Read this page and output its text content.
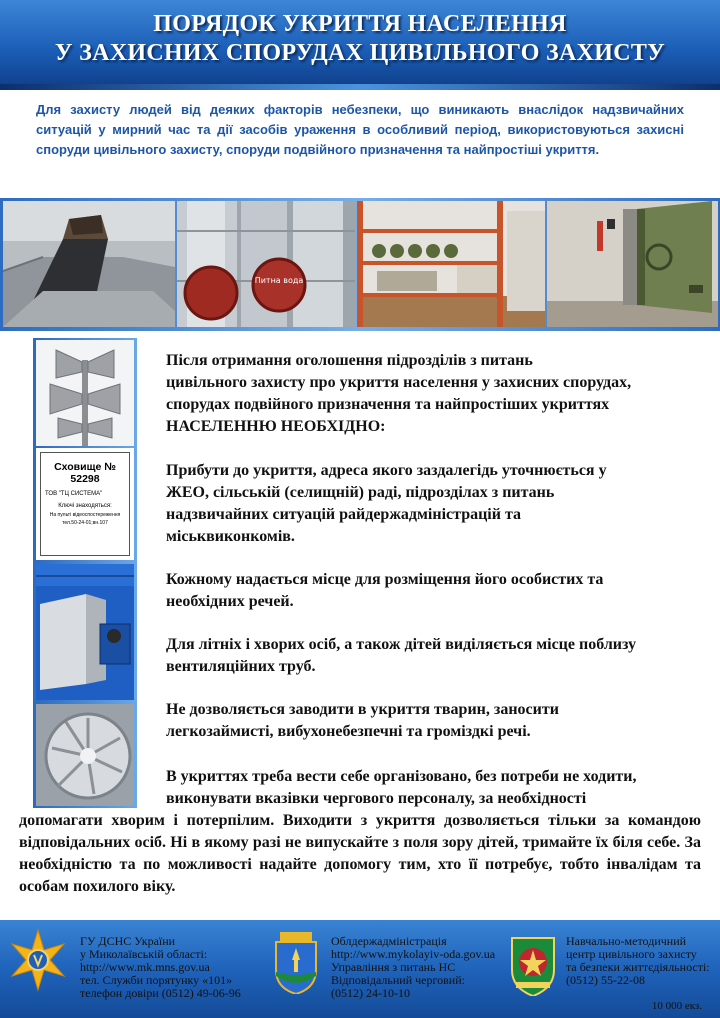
ПОРЯДОК УКРИТТЯ НАСЕЛЕННЯ
У ЗАХИСНИХ СПОРУДАХ ЦИВІЛЬНОГО ЗАХИСТУ
Для захисту людей від деяких факторів небезпеки, що виникають внаслідок надзвичайних ситуацій у мирний час та дії засобів ураження в особливий період, використовуються захисні споруди цивільного захисту, споруди подвійного призначення та найпростіші укриття.
Питна вода
Сховище № 52298
ТОВ "ТЦ СИСТЕМА"
Ключі знаходяться:
На пульті відеоспостереження
тел.50-24-01;вн.107
Після отримання оголошення підрозділів з питань
цивільного захисту про укриття населення у захисних спорудах,
спорудах подвійного призначення та найпростіших укриттях
НАСЕЛЕННЮ НЕОБХІДНО:
Прибути до укриття, адреса якого заздалегідь уточнюється у
ЖЕО, сільській (селищній) раді, підрозділах з питань
надзвичайних ситуацій райдержадміністрацій та
міськвиконкомів.
Кожному надається місце для розміщення його особистих та
необхідних речей.
Для літніх і хворих осіб, а також дітей виділяється місце поблизу
вентиляційних труб.
Не дозволяється заводити в укриття тварин, заносити
легкозаймисті, вибухонебезпечні та громіздкі речі.
В укриттях треба вести себе організовано, без потреби не ходити,
виконувати вказівки чергового персоналу, за необхідності
допомагати хворим і потерпілим. Виходити з укриття дозволяється тільки за командою відповідальних осіб. Ні в якому разі не випускайте з поля зору дітей, тримайте їх біля себе. За необхідністю та по можливості надайте допомогу тим, хто її потребує, тобто інвалідам та особам похилого віку.
ГУ ДСНС України
у Миколаївській області:
http://www.mk.mns.gov.ua
тел. Служби порятунку «101»
телефон довіри (0512) 49-06-96
Облдержадміністрація
http://www.mykolayiv-oda.gov.ua
Управління з питань НС
Відповідальний черговий:
(0512) 24-10-10
Навчально-методичний
центр цивільного захисту
та безпеки життєдіяльності:
(0512) 55-22-08
10 000 екз.
